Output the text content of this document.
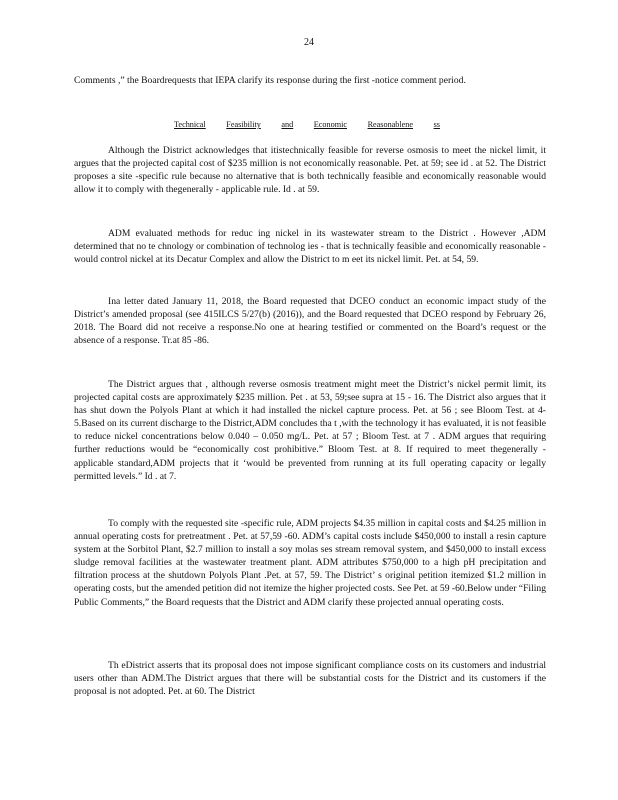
24

Comments ,” the Boardrequests that IEPA clarify its response during the first -notice comment period.

Technical	Feasibility	and	Economic	Reasonablene	ss

Although the District acknowledges that itistechnically feasible for reverse osmosis to meet the nickel limit, it argues that the projected capital cost of $235 million is not economically reasonable. Pet. at 59; see id . at 52. The District proposes a site -specific rule because no alternative that is both technically feasible and economically reasonable would allow it to comply with thegenerally - applicable rule. Id . at 59.

ADM evaluated methods for reduc ing nickel in its wastewater stream to the District . However ,ADM determined that no te chnology or combination of technolog ies - that is technically feasible and economically reasonable - would control nickel at its Decatur Complex and allow the District to m eet its nickel limit. Pet. at 54, 59.

Ina letter dated January 11, 2018, the Board requested that DCEO conduct an economic impact study of the District’s amended proposal (see 415ILCS 5/27(b) (2016)), and the Board requested that DCEO respond by February 26, 2018. The Board did not receive a response.No one at hearing testified or commented on the Board’s request or the absence of a response. Tr.at 85 -86.

The District argues that , although reverse osmosis treatment might meet the District’s nickel permit limit, its projected capital costs are approximately $235 million. Pet . at 53, 59;see supra at 15 - 16. The District also argues that it has shut down the Polyols Plant at which it had installed the nickel capture process. Pet. at 56 ; see Bloom Test. at 4- 5.Based on its current discharge to the District,ADM concludes tha t ,with the technology it has evaluated, it is not feasible to reduce nickel concentrations below 0.040 – 0.050 mg/L. Pet. at 57 ; Bloom Test. at 7 . ADM argues that requiring further reductions would be “economically cost prohibitive.” Bloom Test. at 8. If required to meet thegenerally - applicable standard,ADM projects that it ‘would be prevented from running at its full operating capacity or legally permitted levels.” Id . at 7.

To comply with the requested site -specific rule, ADM projects $4.35 million in capital costs and $4.25 million in annual operating costs for pretreatment . Pet. at 57,59 -60. ADM’s capital costs include $450,000 to install a resin capture system at the Sorbitol Plant, $2.7 million to install a soy molas ses stream removal system, and $450,000 to install excess sludge removal facilities at the wastewater treatment plant. ADM attributes $750,000 to a high pH precipitation and filtration process at the shutdown Polyols Plant .Pet. at 57, 59. The District’ s original petition itemized $1.2 million in operating costs, but the amended petition did not itemize the higher projected costs. See Pet. at 59 -60.Below under “Filing Public Comments,” the Board requests that the District and ADM clarify these projected annual operating costs.

Th eDistrict asserts that its proposal does not impose significant compliance costs on its customers and industrial users other than ADM.The District argues that there will be substantial costs for the District and its customers if the proposal is not adopted. Pet. at 60. The District
